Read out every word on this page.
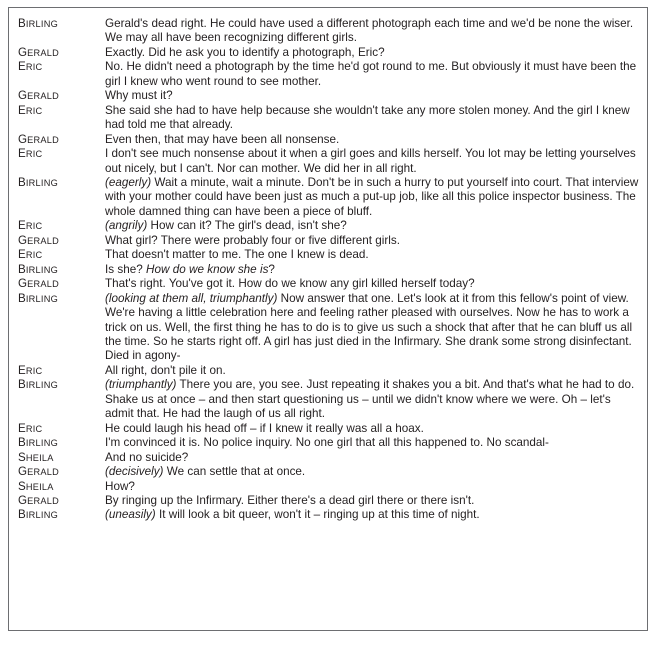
BIRLING	Gerald's dead right. He could have used a different photograph each time and we'd be none the wiser. We may all have been recognizing different girls.
GERALD	Exactly. Did he ask you to identify a photograph, Eric?
ERIC	No. He didn't need a photograph by the time he'd got round to me. But obviously it must have been the girl I knew who went round to see mother.
GERALD	Why must it?
ERIC	She said she had to have help because she wouldn't take any more stolen money. And the girl I knew had told me that already.
GERALD	Even then, that may have been all nonsense.
ERIC	I don't see much nonsense about it when a girl goes and kills herself. You lot may be letting yourselves out nicely, but I can't. Nor can mother. We did her in all right.
BIRLING	(eagerly) Wait a minute, wait a minute. Don't be in such a hurry to put yourself into court. That interview with your mother could have been just as much a put-up job, like all this police inspector business. The whole damned thing can have been a piece of bluff.
ERIC	(angrily) How can it? The girl's dead, isn't she?
GERALD	What girl? There were probably four or five different girls.
ERIC	That doesn't matter to me. The one I knew is dead.
BIRLING	Is she? How do we know she is?
GERALD	That's right. You've got it. How do we know any girl killed herself today?
BIRLING	(looking at them all, triumphantly) Now answer that one. Let's look at it from this fellow's point of view. We're having a little celebration here and feeling rather pleased with ourselves. Now he has to work a trick on us. Well, the first thing he has to do is to give us such a shock that after that he can bluff us all the time. So he starts right off. A girl has just died in the Infirmary. She drank some strong disinfectant. Died in agony-
ERIC	All right, don't pile it on.
BIRLING	(triumphantly) There you are, you see. Just repeating it shakes you a bit. And that's what he had to do. Shake us at once – and then start questioning us – until we didn't know where we were. Oh – let's admit that. He had the laugh of us all right.
ERIC	He could laugh his head off – if I knew it really was all a hoax.
BIRLING	I'm convinced it is. No police inquiry. No one girl that all this happened to. No scandal-
SHEILA	And no suicide?
GERALD	(decisively) We can settle that at once.
SHEILA	How?
GERALD	By ringing up the Infirmary. Either there's a dead girl there or there isn't.
BIRLING	(uneasily) It will look a bit queer, won't it – ringing up at this time of night.
